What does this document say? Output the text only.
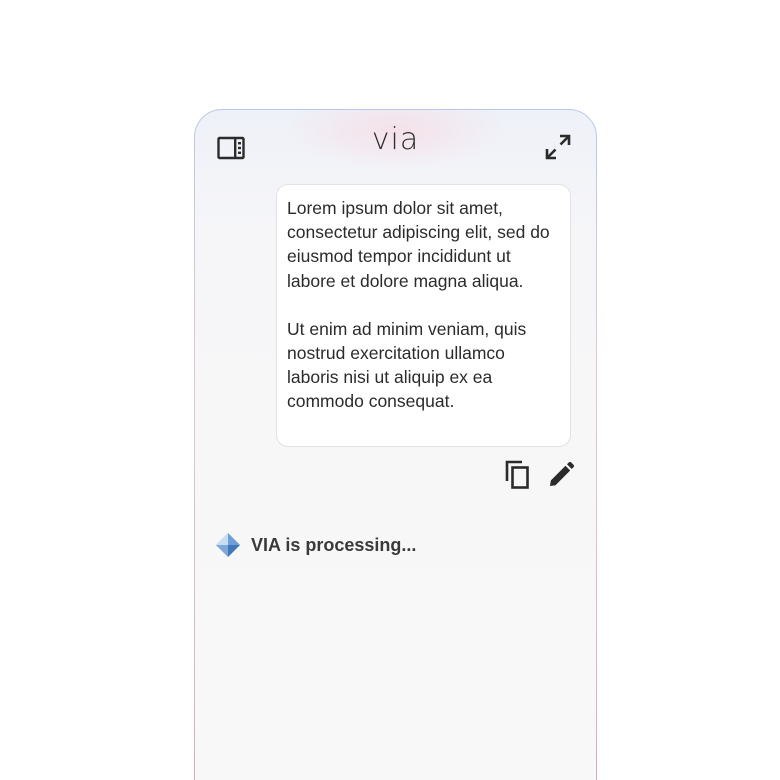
via

Lorem ipsum dolor sit amet, consectetur adipiscing elit, sed do eiusmod tempor incididunt ut labore et dolore magna aliqua.

Ut enim ad minim veniam, quis nostrud exercitation ullamco laboris nisi ut aliquip ex ea commodo consequat.

VIA is processing...
